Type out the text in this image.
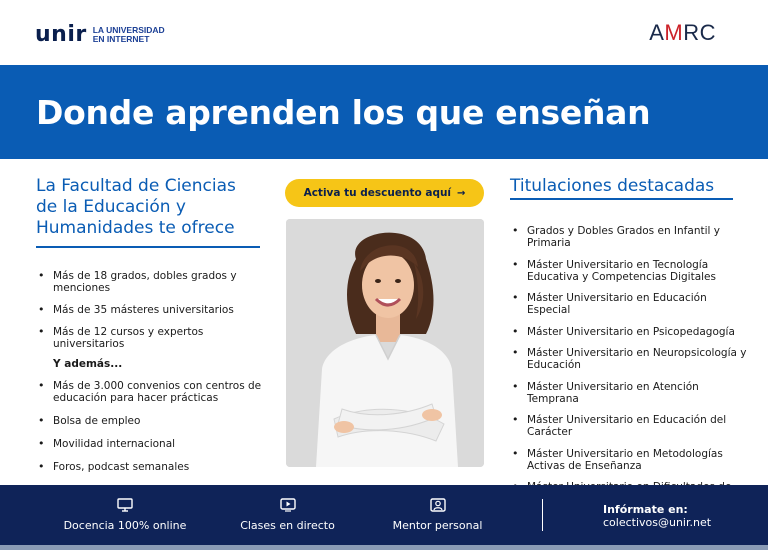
unir LA UNIVERSIDAD
EN INTERNET	AMRC
Donde aprenden los que enseñan
La Facultad de Ciencias de la Educación y Humanidades te ofrece
• Más de 18 grados, dobles grados y menciones
• Más de 35 másteres universitarios
• Más de 12 cursos y expertos universitarios
Y además...
• Más de 3.000 convenios con centros de educación para hacer prácticas
• Bolsa de empleo
• Movilidad internacional
• Foros, podcast semanales
Activa tu descuento aquí →	Titulaciones destacadas
• Grados y Dobles Grados en Infantil y Primaria
• Máster Universitario en Tecnología Educativa y Competencias Digitales
• Máster Universitario en Educación Especial
• Máster Universitario en Psicopedagogía
• Máster Universitario en Neuropsicología y Educación
• Máster Universitario en Atención Temprana
• Máster Universitario en Educación del Carácter
• Máster Universitario en Metodologías Activas de Enseñanza
•
Docencia 100% online	Clases en directo	Mentor personal
Infórmate en:
colectivos@unir.net
